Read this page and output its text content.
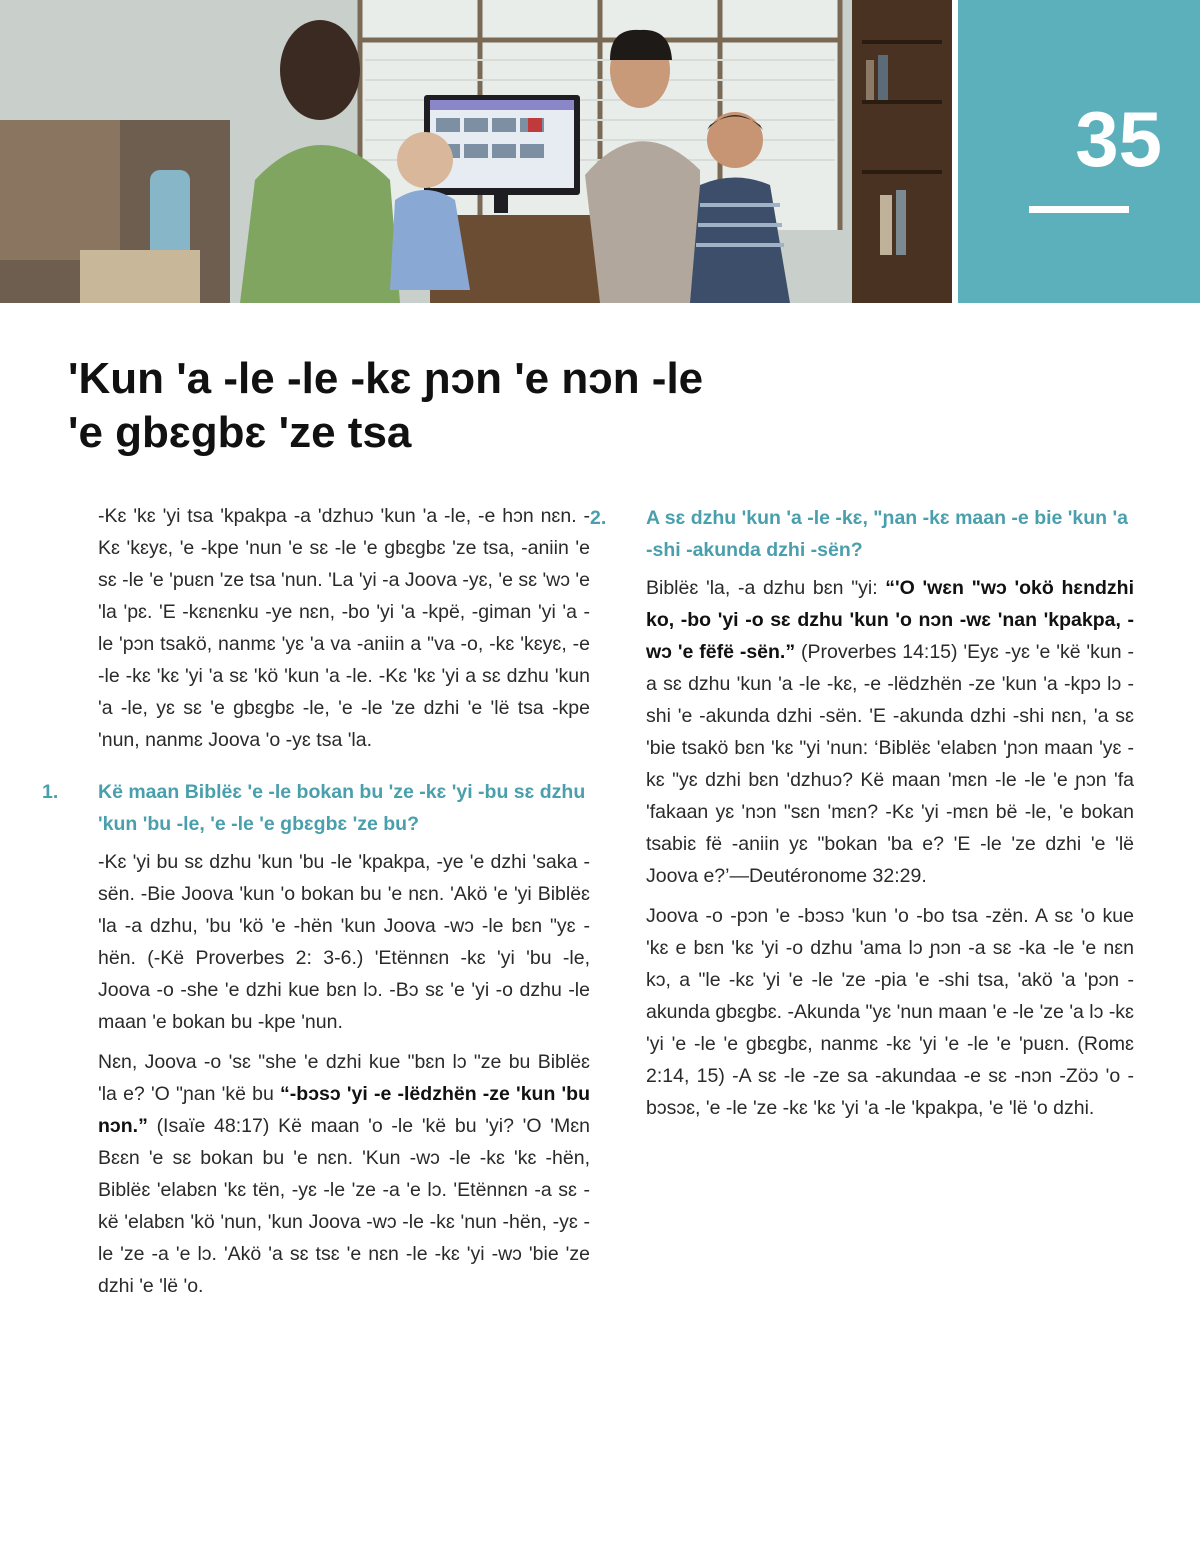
35
'Kun 'a -le -le -kɛ ɲɔn 'e nɔn -le
'e gbɛgbɛ 'ze tsa

-Kɛ 'kɛ 'yi tsa 'kpakpa -a 'dzhuɔ 'kun 'a -le, -e hɔn nɛn. -Kɛ 'kɛyɛ, 'e -kpe 'nun 'e sɛ -le 'e gbɛgbɛ 'ze tsa, -aniin 'e sɛ -le 'e 'puɛn 'ze tsa 'nun. 'La 'yi -a Joova -yɛ, 'e sɛ 'wɔ 'e 'la 'pɛ. 'E -kɛnɛnku -ye nɛn, -bo 'yi 'a -kpë, -giman 'yi 'a -le 'pɔn tsakö, nanmɛ 'yɛ 'a va -aniin a "va -o, -kɛ 'kɛyɛ, -e -le -kɛ 'kɛ 'yi 'a sɛ 'kö 'kun 'a -le. -Kɛ 'kɛ 'yi a sɛ dzhu 'kun 'a -le, yɛ sɛ 'e gbɛgbɛ -le, 'e -le 'ze dzhi 'e 'lë tsa -kpe 'nun, nanmɛ Joova 'o -yɛ tsa 'la.

1. Kë maan Biblëɛ 'e -le bokan bu 'ze -kɛ 'yi -bu sɛ dzhu 'kun 'bu -le, 'e -le 'e gbɛgbɛ 'ze bu?

-Kɛ 'yi bu sɛ dzhu 'kun 'bu -le 'kpakpa, -ye 'e dzhi 'saka -sën. -Bie Joova 'kun 'o bokan bu 'e nɛn. 'Akö 'e 'yi Biblëɛ 'la -a dzhu, 'bu 'kö 'e -hën 'kun Joova -wɔ -le bɛn "yɛ -hën. (-Kë Proverbes 2: 3-6.) 'Etënnɛn -kɛ 'yi 'bu -le, Joova -o -she 'e dzhi kue bɛn lɔ. -Bɔ sɛ 'e 'yi -o dzhu -le maan 'e bokan bu -kpe 'nun.

Nɛn, Joova -o 'sɛ "she 'e dzhi kue "bɛn lɔ "ze bu Biblëɛ 'la e? 'O "ɲan 'kë bu “-bɔsɔ 'yi -e -lëdzhën -ze 'kun 'bu nɔn.” (Isaïe 48:17) Kë maan 'o -le 'kë bu 'yi? 'O 'Mɛn Bɛɛn 'e sɛ bokan bu 'e nɛn. 'Kun -wɔ -le -kɛ 'kɛ -hën, Biblëɛ 'elabɛn 'kɛ tën, -yɛ -le 'ze -a 'e lɔ. 'Etënnɛn -a sɛ -kë 'elabɛn 'kö 'nun, 'kun Joova -wɔ -le -kɛ 'nun -hën, -yɛ -le 'ze -a 'e lɔ. 'Akö 'a sɛ tsɛ 'e nɛn -le -kɛ 'yi -wɔ 'bie 'ze dzhi 'e 'lë 'o.

2. A sɛ dzhu 'kun 'a -le -kɛ, "ɲan -kɛ maan -e bie 'kun 'a -shi -akunda dzhi -sën?

Biblëɛ 'la, -a dzhu bɛn "yi: “'O 'wɛn "wɔ 'okö hɛndzhi ko, -bo 'yi -o sɛ dzhu 'kun 'o nɔn -wɛ 'nan 'kpakpa, -wɔ 'e fëfë -sën.” (Proverbes 14:15) 'Eyɛ -yɛ 'e 'kë 'kun -a sɛ dzhu 'kun 'a -le -kɛ, -e -lëdzhën -ze 'kun 'a -kpɔ lɔ -shi 'e -akunda dzhi -sën. 'E -akunda dzhi -shi nɛn, 'a sɛ 'bie tsakö bɛn 'kɛ "yi 'nun: ‘Biblëɛ 'elabɛn 'ɲɔn maan 'yɛ -kɛ "yɛ dzhi bɛn 'dzhuɔ? Kë maan 'mɛn -le -le 'e ɲɔn 'fa 'fakaan yɛ 'nɔn "sɛn 'mɛn? -Kɛ 'yi -mɛn bë -le, 'e bokan tsabiɛ fë -aniin yɛ "bokan 'ba e? 'E -le 'ze dzhi 'e 'lë Joova e?’—Deutéronome 32:29.

Joova -o -pɔn 'e -bɔsɔ 'kun 'o -bo tsa -zën. A sɛ 'o kue 'kɛ e bɛn 'kɛ 'yi -o dzhu 'ama lɔ ɲɔn -a sɛ -ka -le 'e nɛn kɔ, a "le -kɛ 'yi 'e -le 'ze -pia 'e -shi tsa, 'akö 'a 'pɔn -akunda gbɛgbɛ. -Akunda "yɛ 'nun maan 'e -le 'ze 'a lɔ -kɛ 'yi 'e -le 'e gbɛgbɛ, nanmɛ -kɛ 'yi 'e -le 'e 'puɛn. (Romɛ 2:14, 15) -A sɛ -le -ze sa -akundaa -e sɛ -nɔn -Zöɔ 'o -bɔsɔɛ, 'e -le 'ze -kɛ 'kɛ 'yi 'a -le 'kpakpa, 'e 'lë 'o dzhi.
